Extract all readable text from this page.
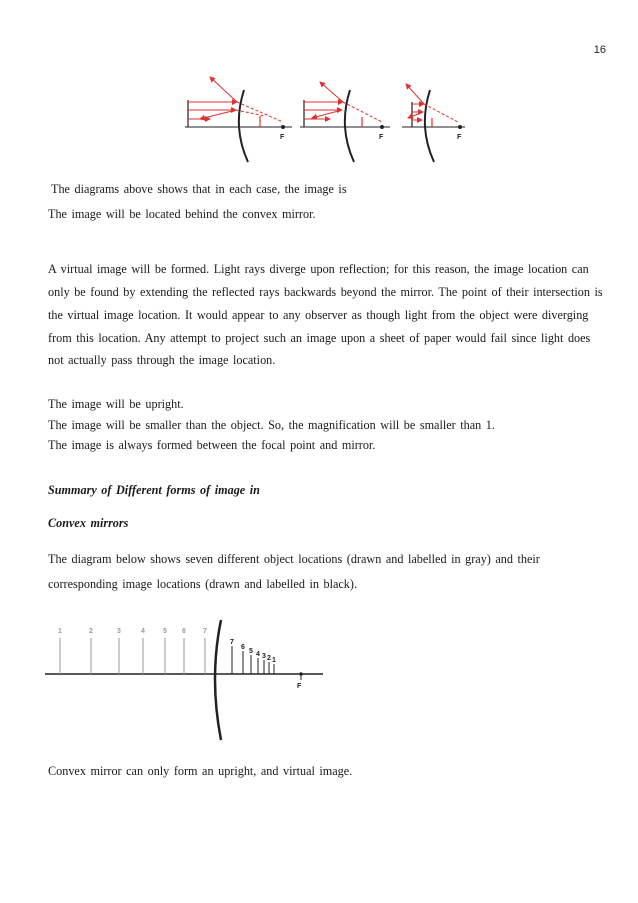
16
F	F	F
The diagrams above shows that in each case, the image is
The image will be located behind the convex mirror.
A virtual image will be formed. Light rays diverge upon reflection; for this reason, the image location can
only be found by extending the reflected rays backwards beyond the mirror. The point of their intersection is
the virtual image location. It would appear to any observer as though light from the object were diverging
from this location. Any attempt to project such an image upon a sheet of paper would fail since light does
not actually pass through the image location.
The image will be upright.
The image will be smaller than the object. So, the magnification will be smaller than 1.
The image is always formed between the focal point and mirror.
Summary of Different forms of image in
Convex mirrors
The diagram below shows seven different object locations (drawn and labelled in gray) and their
corresponding image locations (drawn and labelled in black).
1	2	3	4	5 6 7
7
6
5 4 3 2 1
F
Convex mirror can only form an upright, and virtual image.
